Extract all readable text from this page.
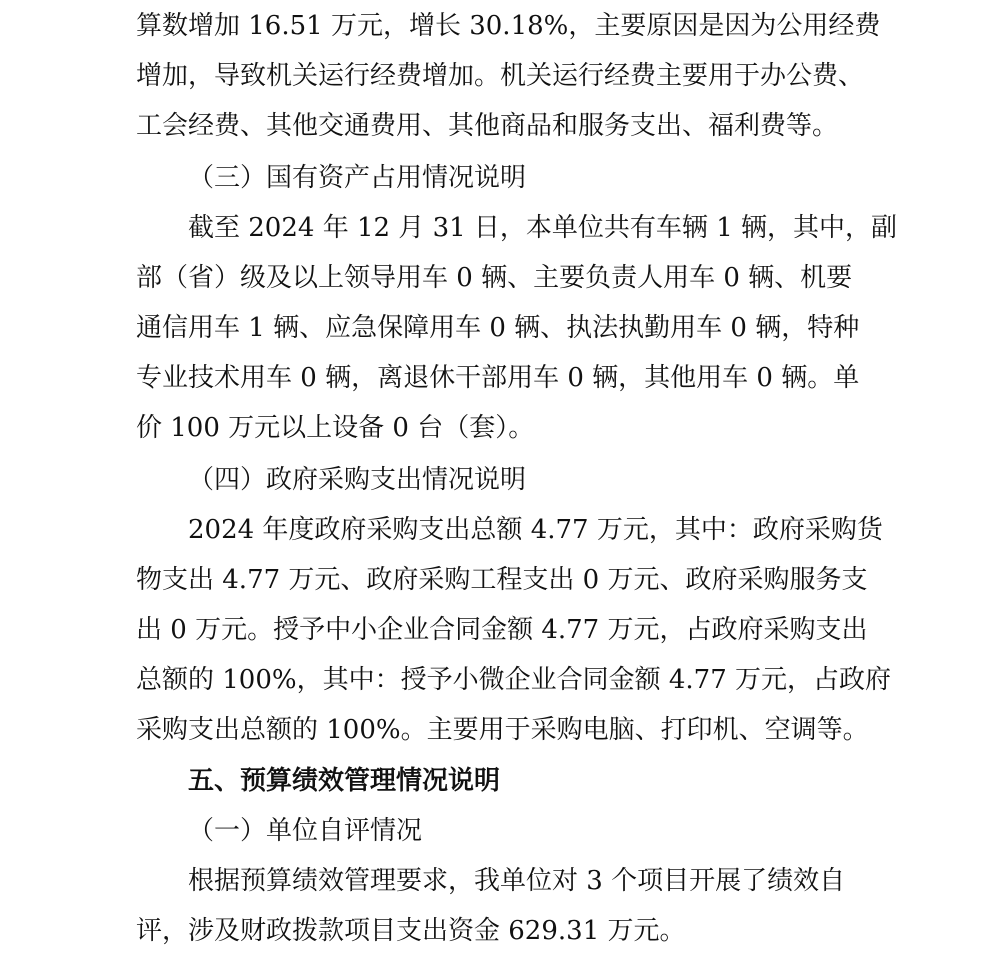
算数增加 16.51 万元，增长 30.18%，主要原因是因为公用经费
增加，导致机关运行经费增加。机关运行经费主要用于办公费、
工会经费、其他交通费用、其他商品和服务支出、福利费等。
（三）国有资产占用情况说明
截至 2024 年 12 月 31 日，本单位共有车辆 1 辆，其中，副
部（省）级及以上领导用车 0 辆、主要负责人用车 0 辆、机要
通信用车 1 辆、应急保障用车 0 辆、执法执勤用车 0 辆，特种
专业技术用车 0 辆，离退休干部用车 0 辆，其他用车 0 辆。单
价 100 万元以上设备 0 台（套）。
（四）政府采购支出情况说明
2024 年度政府采购支出总额 4.77 万元，其中：政府采购货
物支出 4.77 万元、政府采购工程支出 0 万元、政府采购服务支
出 0 万元。授予中小企业合同金额 4.77 万元，占政府采购支出
总额的 100%，其中：授予小微企业合同金额 4.77 万元，占政府
采购支出总额的 100%。主要用于采购电脑、打印机、空调等。
五、预算绩效管理情况说明
（一）单位自评情况
根据预算绩效管理要求，我单位对 3 个项目开展了绩效自
评，涉及财政拨款项目支出资金 629.31 万元。
